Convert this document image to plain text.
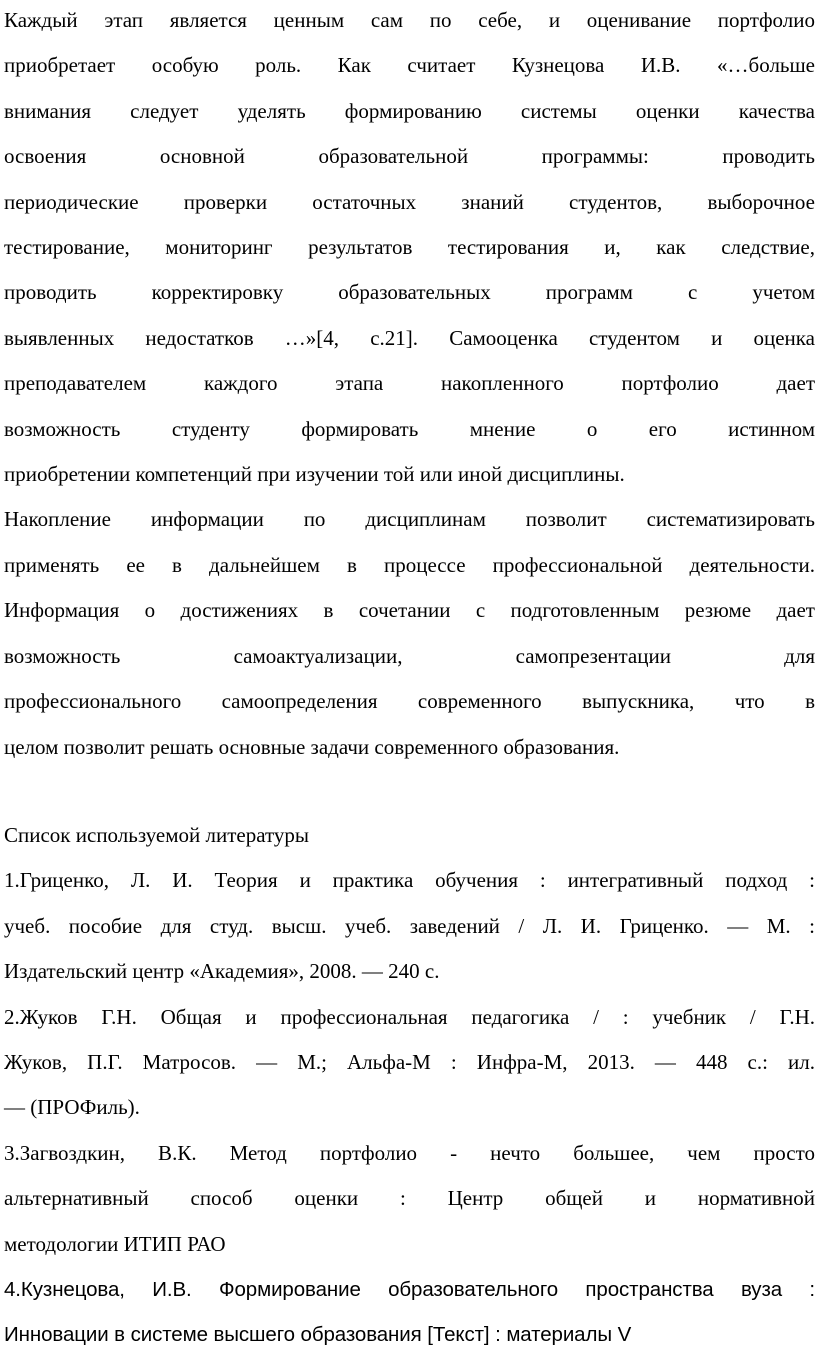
Каждый этап является ценным сам по себе, и оценивание портфолио
приобретает особую роль. Как считает Кузнецова И.В. «…больше
внимания следует уделять формированию системы оценки качества
освоения основной образовательной программы: проводить
периодические проверки остаточных знаний студентов, выборочное
тестирование, мониторинг результатов тестирования и, как следствие,
проводить корректировку образовательных программ с учетом
выявленных недостатков …»[4, с.21]. Самооценка студентом и оценка
преподавателем каждого этапа накопленного портфолио дает
возможность студенту формировать мнение о его истинном
приобретении компетенций при изучении той или иной дисциплины.
Накопление информации по дисциплинам позволит систематизировать
применять ее в дальнейшем в процессе профессиональной деятельности.
Информация о достижениях в сочетании с подготовленным резюме дает
возможность самоактуализации, самопрезентации для
профессионального самоопределения современного выпускника, что в
целом позволит решать основные задачи современного образования.

Список используемой литературы

1.Гриценко, Л. И. Теория и практика обучения : интегративный подход :
учеб. пособие для студ. высш. учеб. заведений / Л. И. Гриценко. — М. :
Издательский центр «Академия», 2008. — 240 с.
2.Жуков Г.Н. Общая и профессиональная педагогика / : учебник / Г.Н.
Жуков, П.Г. Матросов. — М.; Альфа-М : Инфра-М, 2013. — 448 с.: ил.
— (ПРОФиль).
3.Загвоздкин, В.К. Метод портфолио - нечто большее, чем просто
альтернативный способ оценки : Центр общей и нормативной
методологии ИТИП РАО
4.Кузнецова, И.В. Формирование образовательного пространства вуза :
Инновации в системе высшего образования [Текст] : материалы V
